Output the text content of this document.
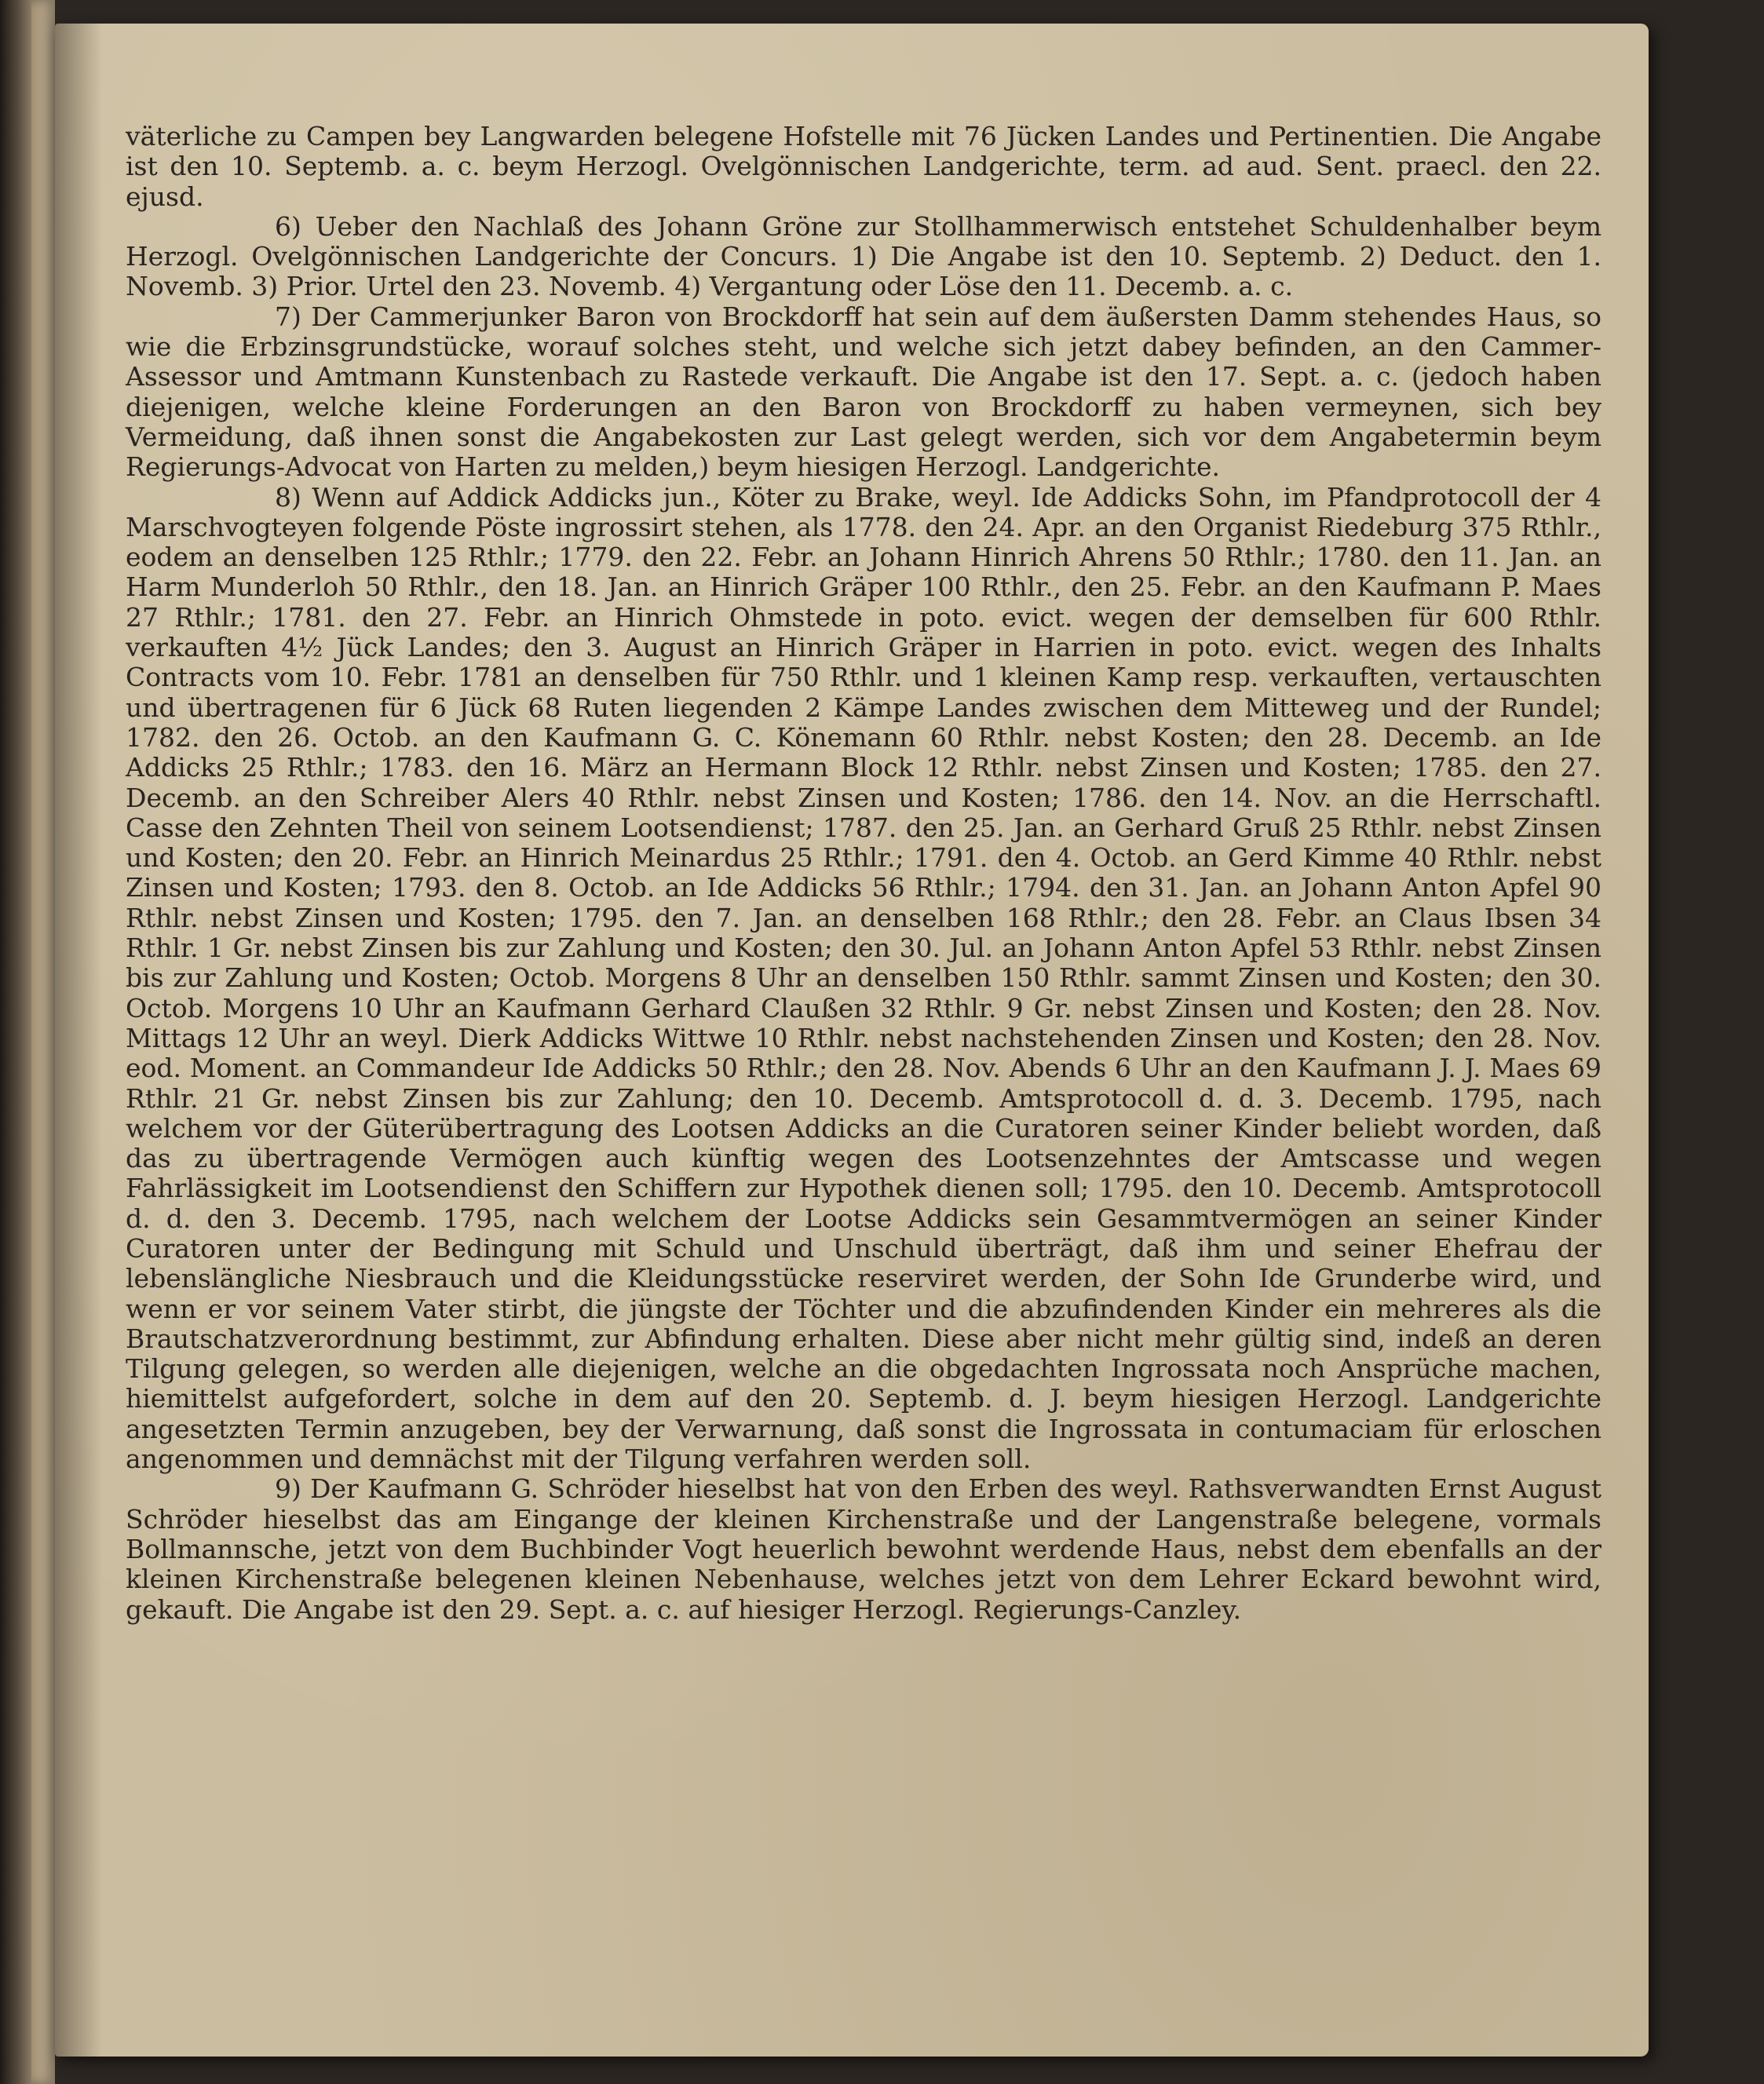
väterliche zu Campen bey Langwarden belegene Hofstelle mit 76 Jücken Landes und Pertinentien. Die Angabe ist den 10. Septemb. a. c. beym Herzogl. Ovelgönnischen Landgerichte, term. ad aud. Sent. praecl. den 22. ejusd.

6) Ueber den Nachlaß des Johann Gröne zur Stollhammerwisch entstehet Schuldenhalber beym Herzogl. Ovelgönnischen Landgerichte der Concurs. 1) Die Angabe ist den 10. Septemb. 2) Deduct. den 1. Novemb. 3) Prior. Urtel den 23. Novemb. 4) Vergantung oder Löse den 11. Decemb. a. c.

7) Der Cammerjunker Baron von Brockdorff hat sein auf dem äußersten Damm stehendes Haus, so wie die Erbzinsgrundstücke, worauf solches steht, und welche sich jetzt dabey befinden, an den Cammer-Assessor und Amtmann Kunstenbach zu Rastede verkauft. Die Angabe ist den 17. Sept. a. c. (jedoch haben diejenigen, welche kleine Forderungen an den Baron von Brockdorff zu haben vermeynen, sich bey Vermeidung, daß ihnen sonst die Angabekosten zur Last gelegt werden, sich vor dem Angabetermin beym Regierungs-Advocat von Harten zu melden,) beym hiesigen Herzogl. Landgerichte.

8) Wenn auf Addick Addicks jun., Köter zu Brake, weyl. Ide Addicks Sohn, im Pfandprotocoll der 4 Marschvogteyen folgende Pöste ingrossirt stehen, als 1778. den 24. Apr. an den Organist Riedeburg 375 Rthlr., eodem an denselben 125 Rthlr.; 1779. den 22. Febr. an Johann Hinrich Ahrens 50 Rthlr.; 1780. den 11. Jan. an Harm Munderloh 50 Rthlr., den 18. Jan. an Hinrich Gräper 100 Rthlr., den 25. Febr. an den Kaufmann P. Maes 27 Rthlr.; 1781. den 27. Febr. an Hinrich Ohmstede in poto. evict. wegen der demselben für 600 Rthlr. verkauften 4½ Jück Landes; den 3. August an Hinrich Gräper in Harrien in poto. evict. wegen des Inhalts Contracts vom 10. Febr. 1781 an denselben für 750 Rthlr. und 1 kleinen Kamp resp. verkauften, vertauschten und übertragenen für 6 Jück 68 Ruten liegenden 2 Kämpe Landes zwischen dem Mitteweg und der Rundel; 1782. den 26. Octob. an den Kaufmann G. C. Könemann 60 Rthlr. nebst Kosten; den 28. Decemb. an Ide Addicks 25 Rthlr.; 1783. den 16. März an Hermann Block 12 Rthlr. nebst Zinsen und Kosten; 1785. den 27. Decemb. an den Schreiber Alers 40 Rthlr. nebst Zinsen und Kosten; 1786. den 14. Nov. an die Herrschaftl. Casse den Zehnten Theil von seinem Lootsendienst; 1787. den 25. Jan. an Gerhard Gruß 25 Rthlr. nebst Zinsen und Kosten; den 20. Febr. an Hinrich Meinardus 25 Rthlr.; 1791. den 4. Octob. an Gerd Kimme 40 Rthlr. nebst Zinsen und Kosten; 1793. den 8. Octob. an Ide Addicks 56 Rthlr.; 1794. den 31. Jan. an Johann Anton Apfel 90 Rthlr. nebst Zinsen und Kosten; 1795. den 7. Jan. an denselben 168 Rthlr.; den 28. Febr. an Claus Ibsen 34 Rthlr. 1 Gr. nebst Zinsen bis zur Zahlung und Kosten; den 30. Jul. an Johann Anton Apfel 53 Rthlr. nebst Zinsen bis zur Zahlung und Kosten; Octob. Morgens 8 Uhr an denselben 150 Rthlr. sammt Zinsen und Kosten; den 30. Octob. Morgens 10 Uhr an Kaufmann Gerhard Claußen 32 Rthlr. 9 Gr. nebst Zinsen und Kosten; den 28. Nov. Mittags 12 Uhr an weyl. Dierk Addicks Wittwe 10 Rthlr. nebst nachstehenden Zinsen und Kosten; den 28. Nov. eod. Moment. an Commandeur Ide Addicks 50 Rthlr.; den 28. Nov. Abends 6 Uhr an den Kaufmann J. J. Maes 69 Rthlr. 21 Gr. nebst Zinsen bis zur Zahlung; den 10. Decemb. Amtsprotocoll d. d. 3. Decemb. 1795, nach welchem vor der Güterübertragung des Lootsen Addicks an die Curatoren seiner Kinder beliebt worden, daß das zu übertragende Vermögen auch künftig wegen des Lootsenzehntes der Amtscasse und wegen Fahrlässigkeit im Lootsendienst den Schiffern zur Hypothek dienen soll; 1795. den 10. Decemb. Amtsprotocoll d. d. den 3. Decemb. 1795, nach welchem der Lootse Addicks sein Gesammtvermögen an seiner Kinder Curatoren unter der Bedingung mit Schuld und Unschuld überträgt, daß ihm und seiner Ehefrau der lebenslängliche Niesbrauch und die Kleidungsstücke reserviret werden, der Sohn Ide Grunderbe wird, und wenn er vor seinem Vater stirbt, die jüngste der Töchter und die abzufindenden Kinder ein mehreres als die Brautschatzverordnung bestimmt, zur Abfindung erhalten. Diese aber nicht mehr gültig sind, indeß an deren Tilgung gelegen, so werden alle diejenigen, welche an die obgedachten Ingrossata noch Ansprüche machen, hiemittelst aufgefordert, solche in dem auf den 20. Septemb. d. J. beym hiesigen Herzogl. Landgerichte angesetzten Termin anzugeben, bey der Verwarnung, daß sonst die Ingrossata in contumaciam für erloschen angenommen und demnächst mit der Tilgung verfahren werden soll.

9) Der Kaufmann G. Schröder hieselbst hat von den Erben des weyl. Rathsverwandten Ernst August Schröder hieselbst das am Eingange der kleinen Kirchenstraße und der Langenstraße belegene, vormals Bollmannsche, jetzt von dem Buchbinder Vogt heuerlich bewohnt werdende Haus, nebst dem ebenfalls an der kleinen Kirchenstraße belegenen kleinen Nebenhause, welches jetzt von dem Lehrer Eckard bewohnt wird, gekauft. Die Angabe ist den 29. Sept. a. c. auf hiesiger Herzogl. Regierungs-Canzley.
